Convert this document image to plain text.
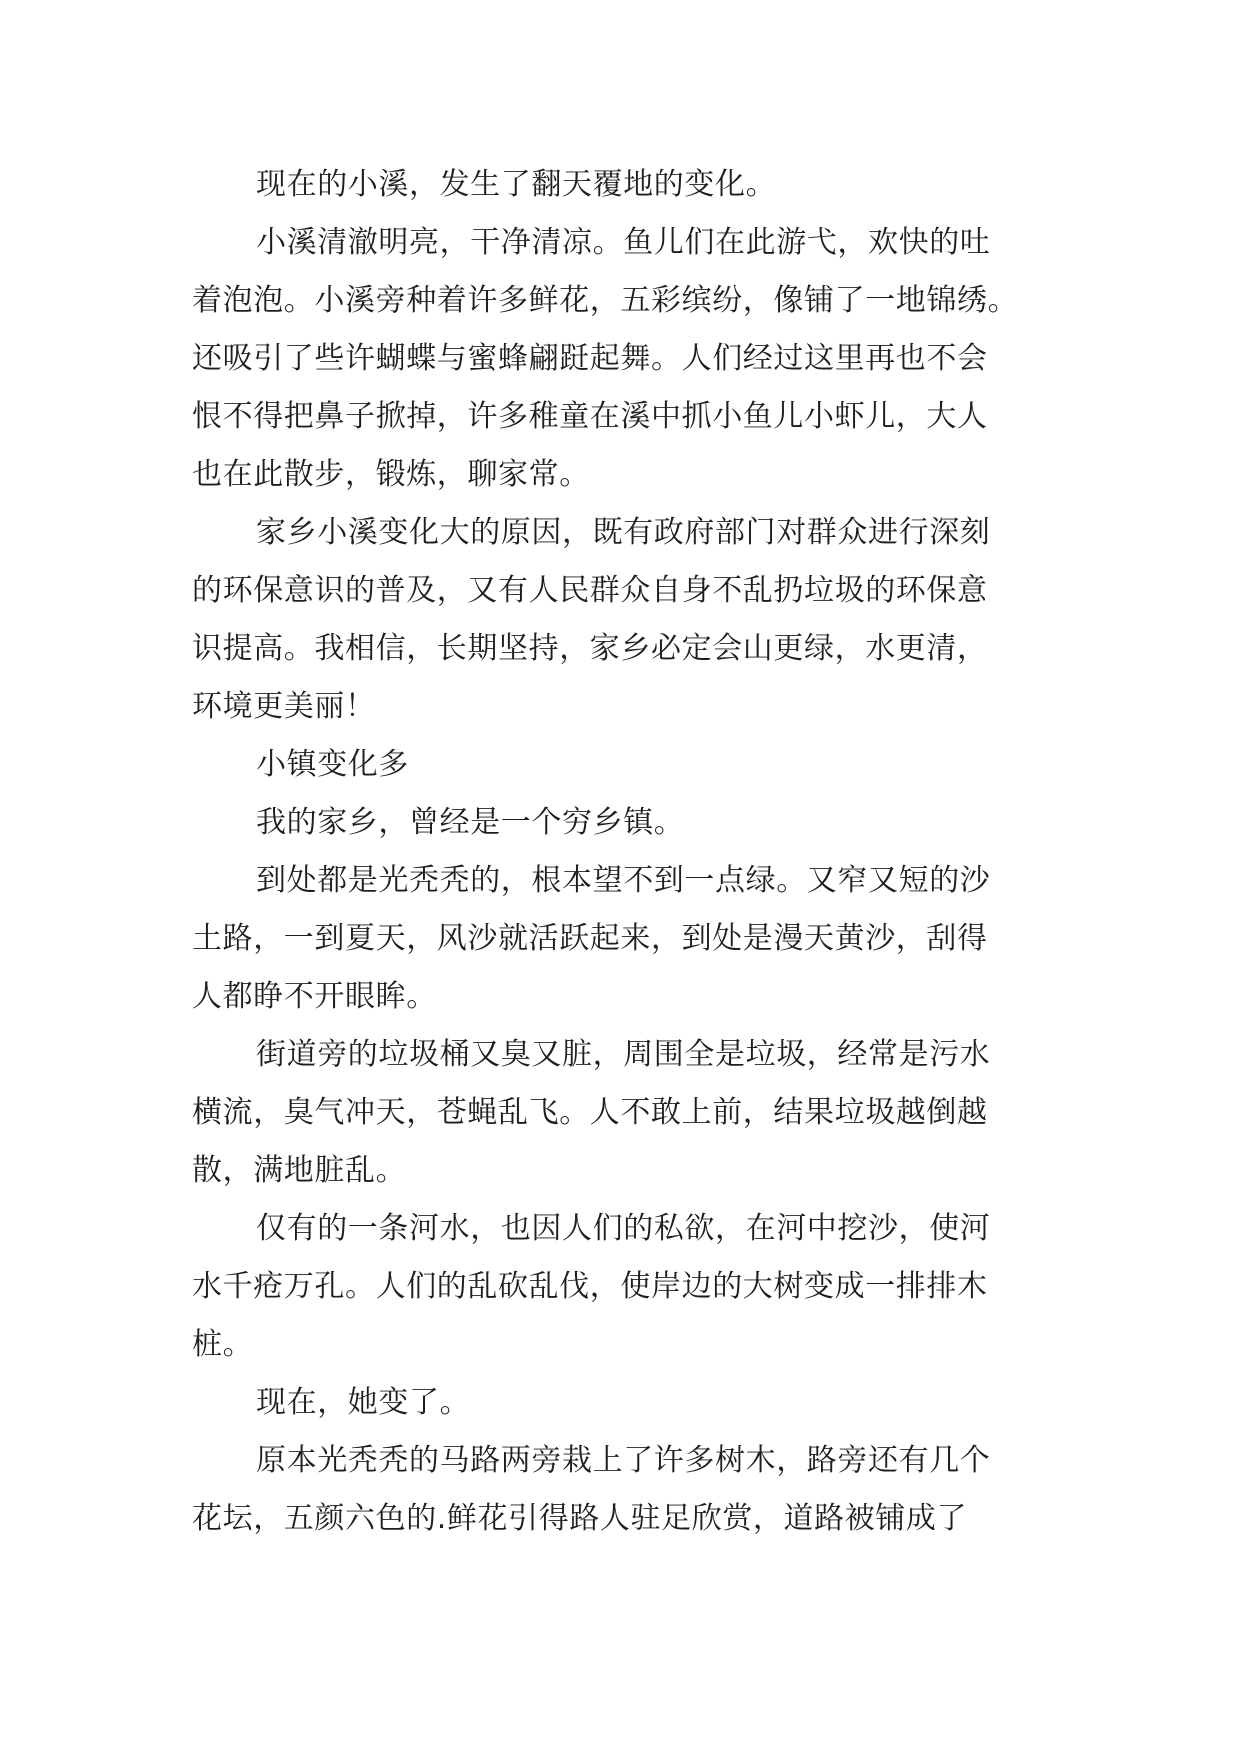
现在的小溪，发生了翻天覆地的变化。
小溪清澈明亮，干净清凉。鱼儿们在此游弋，欢快的吐
着泡泡。小溪旁种着许多鲜花，五彩缤纷，像铺了一地锦绣。
还吸引了些许蝴蝶与蜜蜂翩跹起舞。人们经过这里再也不会
恨不得把鼻子掀掉，许多稚童在溪中抓小鱼儿小虾儿，大人
也在此散步，锻炼，聊家常。
家乡小溪变化大的原因，既有政府部门对群众进行深刻
的环保意识的普及，又有人民群众自身不乱扔垃圾的环保意
识提高。我相信，长期坚持，家乡必定会山更绿，水更清，
环境更美丽！
小镇变化多
我的家乡，曾经是一个穷乡镇。
到处都是光秃秃的，根本望不到一点绿。又窄又短的沙
土路，一到夏天，风沙就活跃起来，到处是漫天黄沙，刮得
人都睁不开眼眸。
街道旁的垃圾桶又臭又脏，周围全是垃圾，经常是污水
横流，臭气冲天，苍蝇乱飞。人不敢上前，结果垃圾越倒越
散，满地脏乱。
仅有的一条河水，也因人们的私欲，在河中挖沙，使河
水千疮万孔。人们的乱砍乱伐，使岸边的大树变成一排排木
桩。
现在，她变了。
原本光秃秃的马路两旁栽上了许多树木，路旁还有几个
花坛，五颜六色的.鲜花引得路人驻足欣赏，道路被铺成了
